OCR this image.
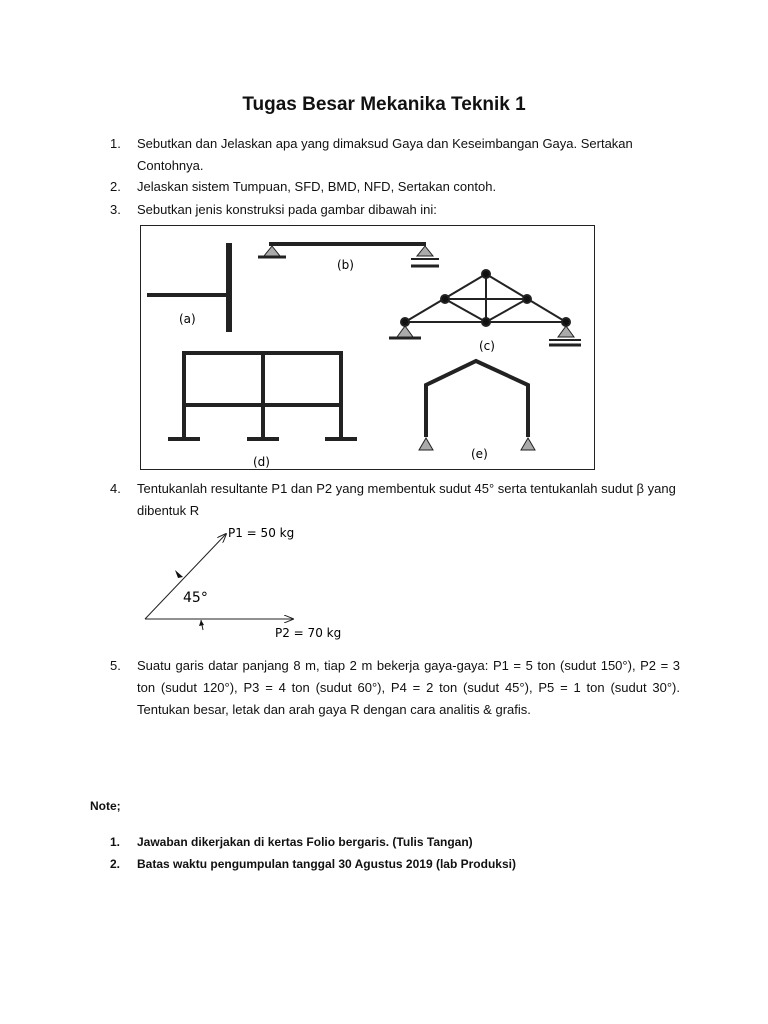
Tugas Besar Mekanika Teknik 1
1.	Sebutkan dan Jelaskan apa yang dimaksud Gaya dan Keseimbangan Gaya. Sertakan Contohnya.
2.	Jelaskan sistem Tumpuan, SFD, BMD, NFD, Sertakan contoh.
3.	Sebutkan jenis konstruksi pada gambar dibawah ini:
(a)
(b)
(c)
(d)
(e)
4.	Tentukanlah resultante P1 dan P2 yang membentuk sudut 45° serta tentukanlah sudut β yang dibentuk R
P1 = 50 kg
P2 = 70 kg
45°
5.	Suatu garis datar panjang 8 m, tiap 2 m bekerja gaya-gaya: P1 = 5 ton (sudut 150°), P2 = 3 ton (sudut 120°), P3 = 4 ton (sudut 60°), P4 = 2 ton (sudut 45°), P5 = 1 ton (sudut 30°). Tentukan besar, letak dan arah gaya R dengan cara analitis & grafis.
Note;
1.	Jawaban dikerjakan di kertas Folio bergaris. (Tulis Tangan)
2.	Batas waktu pengumpulan tanggal 30 Agustus 2019 (lab Produksi)
